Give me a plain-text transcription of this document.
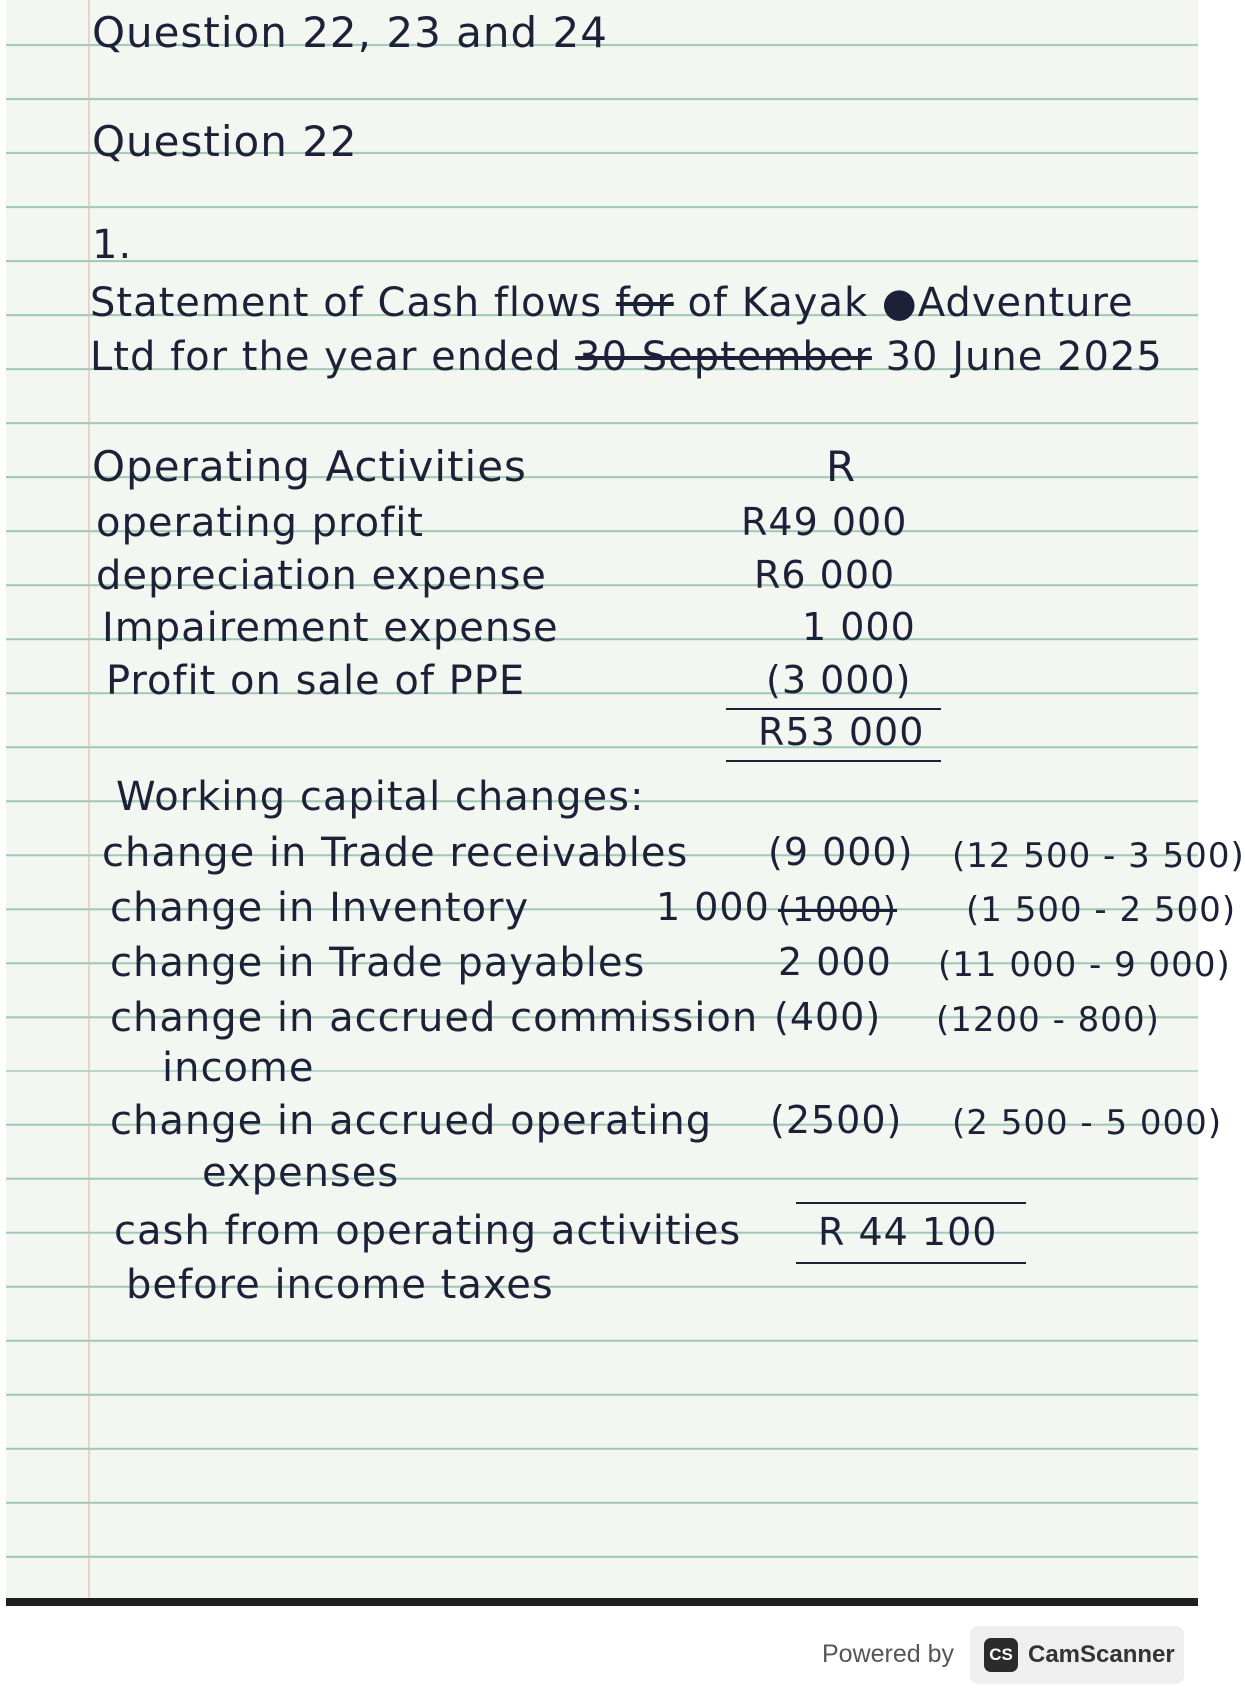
Question 22, 23 and 24
Question 22
1.
Statement of Cash flows for of Kayak ●Adventure
Ltd for the year ended 30 September 30 June 2025
Operating Activities	R
operating profit	R49 000
depreciation expense	R6 000
Impairement expense	1 000
Profit on sale of PPE	(3 000)
R53 000
Working capital changes:
change in Trade receivables (9 000) (12 500 - 3 500)
change in Inventory	1 000 (1000) (1 500 - 2 500)
change in Trade payables	2 000 (11 000 - 9 000)
change in accrued commission (400) (1200 - 800)
income
change in accrued operating (2500) (2 500 - 5 000)
expenses
cash from operating activities R 44 100
before income taxes
Powered by	CS CamScanner
